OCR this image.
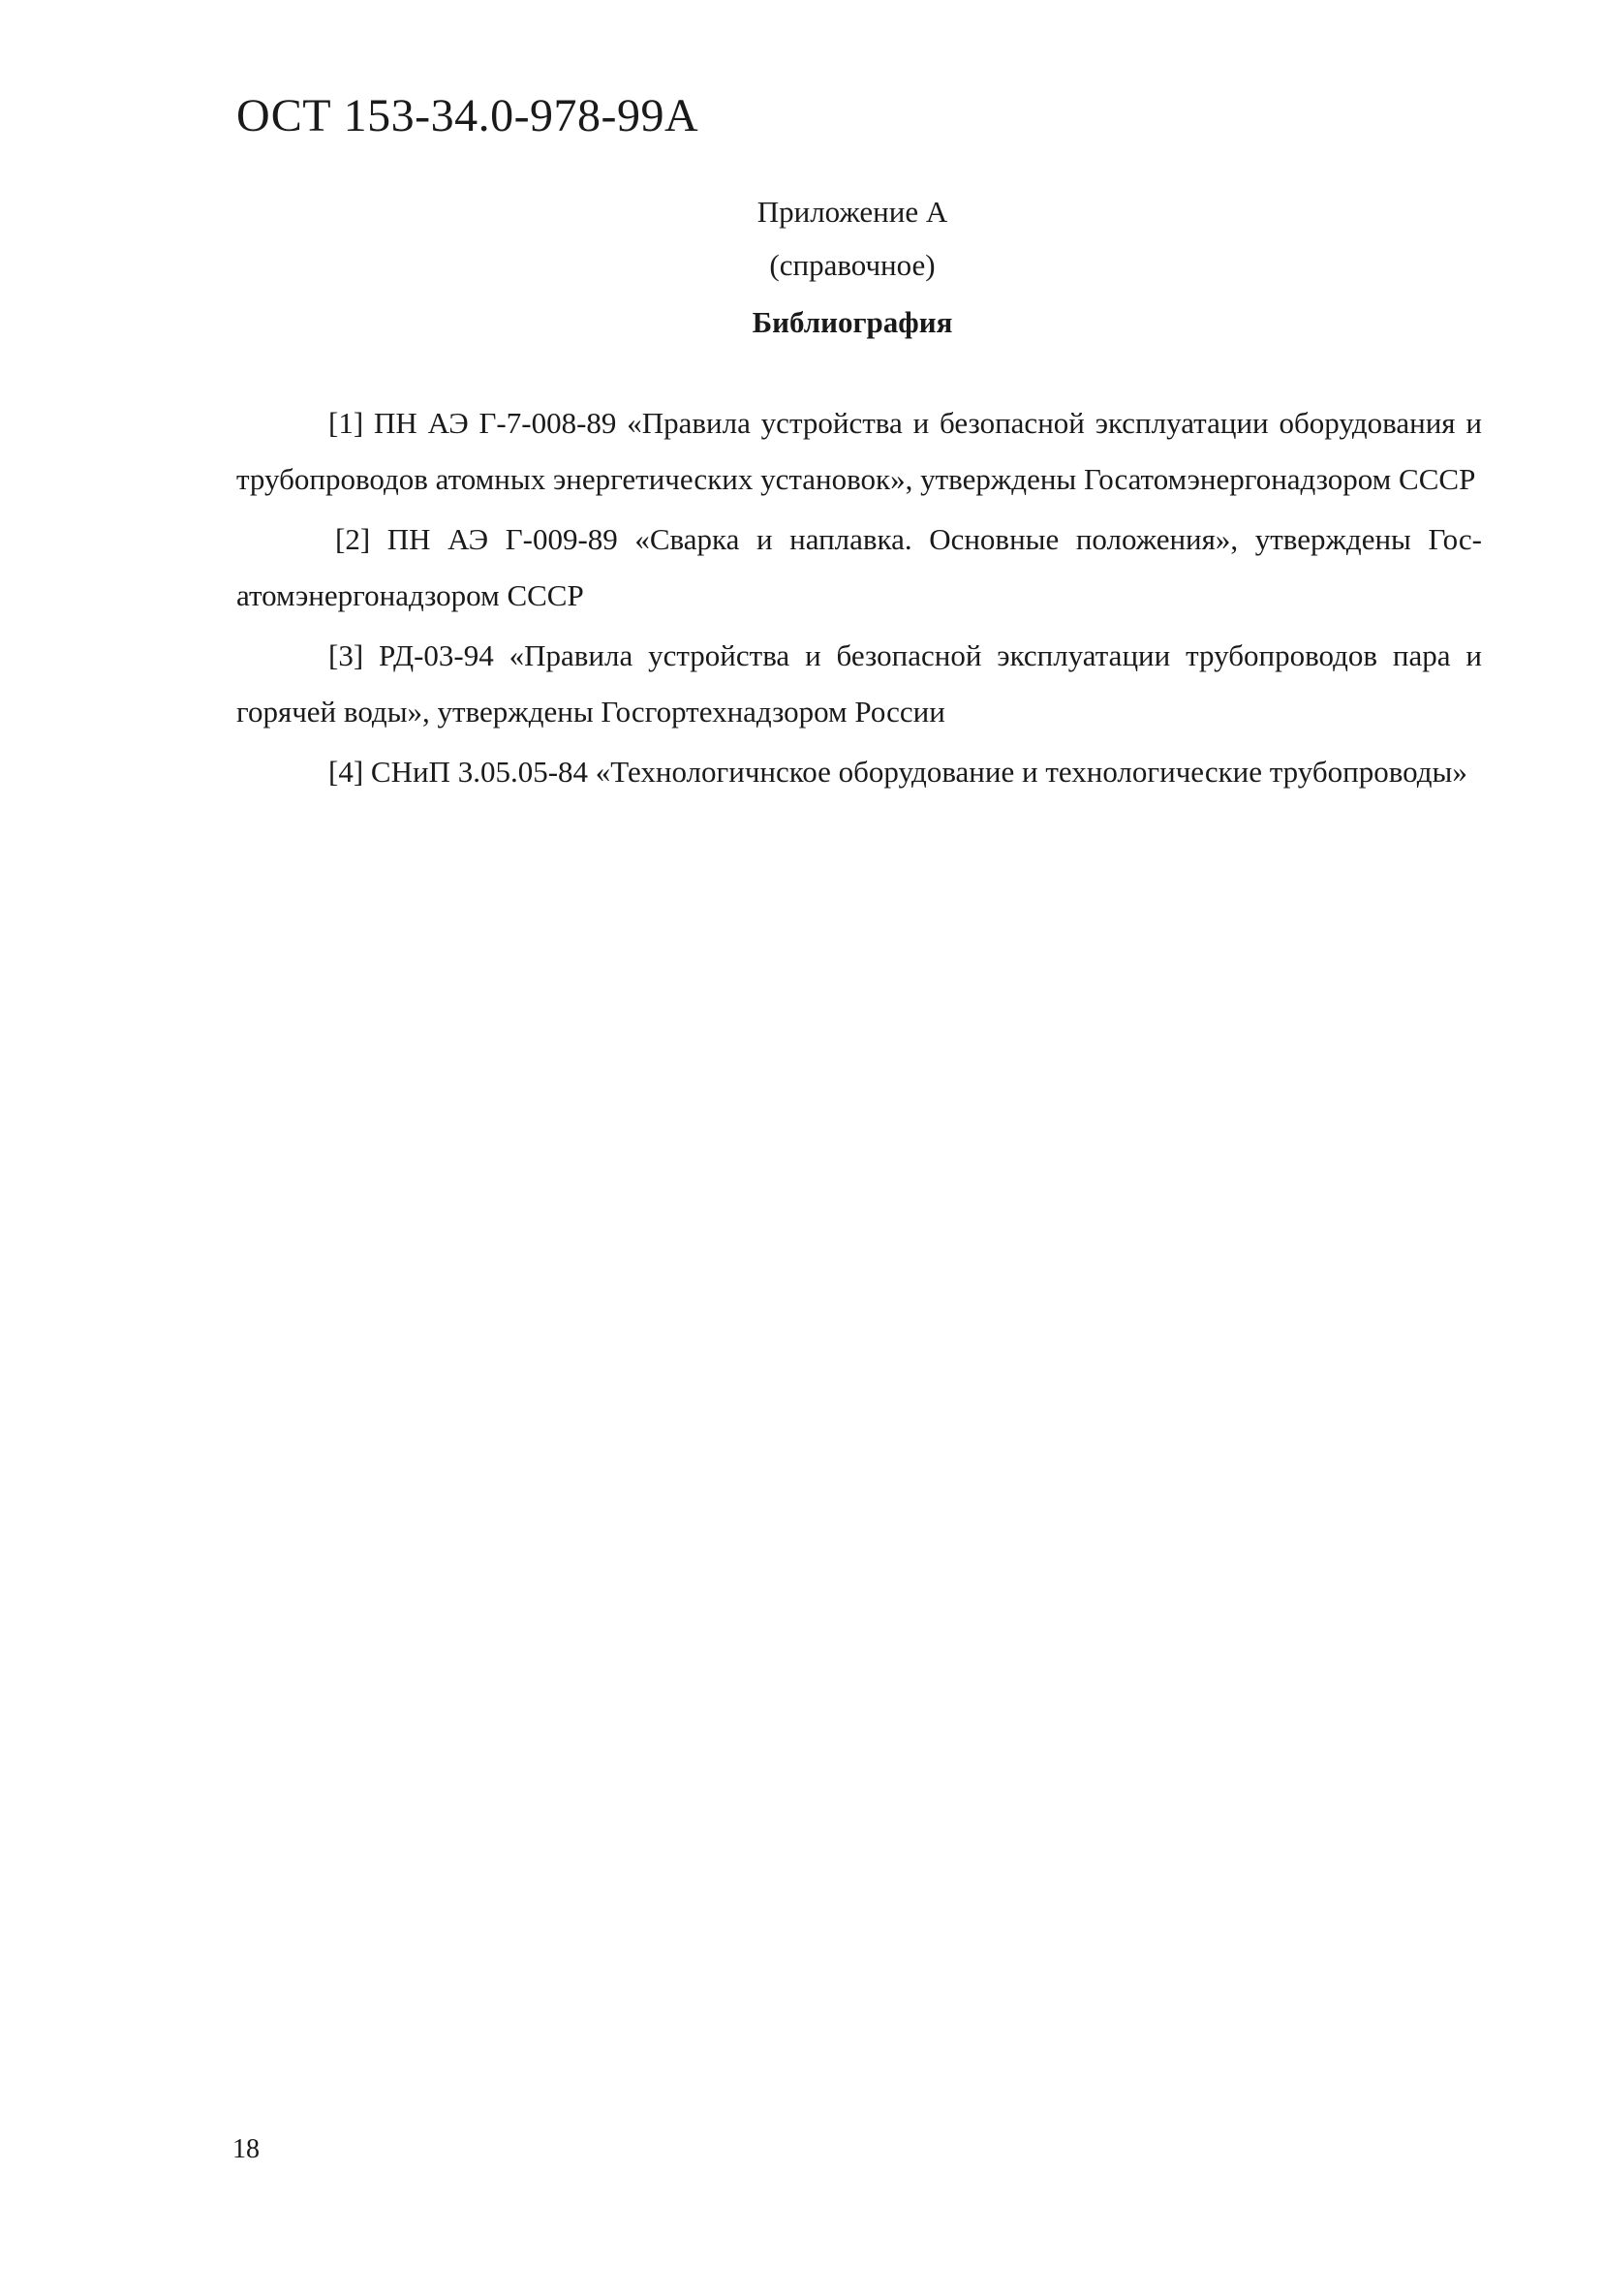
ОСТ 153-34.0-978-99А
Приложение А
(справочное)
Библиография

[1] ПН АЭ Г-7-008-89 «Правила устройства и безопасной эксплуатации оборудования и трубопроводов атомных энергетических установок», утверждены Госатомэнергонадзором СССР

[2] ПН АЭ Г-009-89 «Сварка и наплавка. Основные положения», утверждены Госатомэнергонадзором СССР

[3] РД-03-94 «Правила устройства и безопасной эксплуатации трубопроводов пара и горячей воды», утверждены Госгортехнадзором России

[4] СНиП 3.05.05-84 «Технологичнское оборудование и технологические трубопроводы»

18
